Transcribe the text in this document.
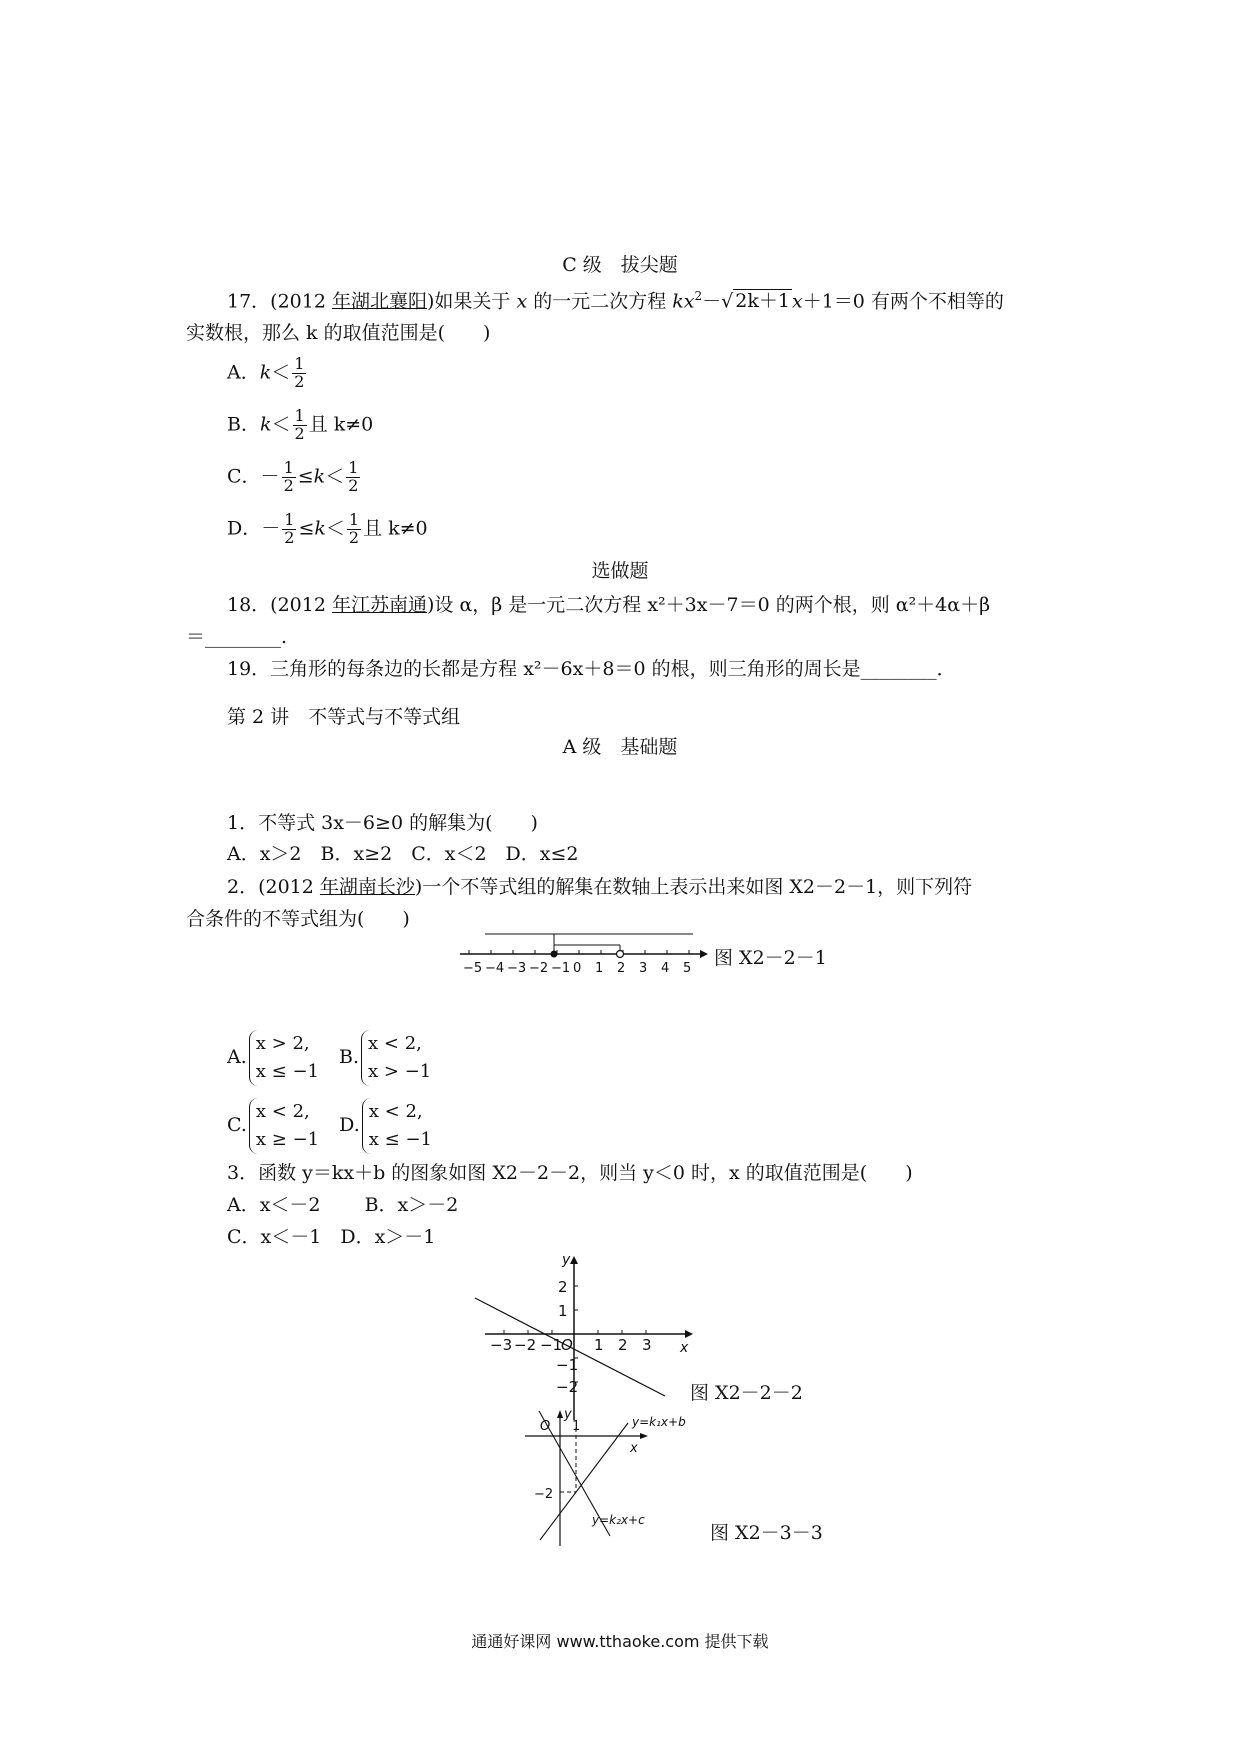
C 级　拔尖题
17．(2012 年湖北襄阳)如果关于 x 的一元二次方程 $kx^2-√$ 2k＋1 x＋1＝0 有两个不相等的
实数根，那么 k 的取值范围是(　　)
A．$k< \frac{1}{2}$
B．$k< \frac{1}{2}$ 且 k≠0
C．－ $\frac{1}{2} \le k< \frac{1}{2}$
D．－ $\frac{1}{2} \le k< \frac{1}{2}$ 且 k≠0
选做题
18．(2012 年江苏南通)设 α，β 是一元二次方程 x²＋3x－7＝0 的两个根，则 α²＋4α＋β
＝________.
19．三角形的每条边的长都是方程 x²－6x＋8＝0 的根，则三角形的周长是________．
第 2 讲　不等式与不等式组
A 级　基础题
1．不等式 3x－6≥0 的解集为(　　)
A．x＞2　B．x≥2　C．x＜2　D．x≤2
2．(2012 年湖南长沙)一个不等式组的解集在数轴上表示出来如图 X2－2－1，则下列符
合条件的不等式组为(　　)
−5 −4 −3 −2 −1 0 1 2 3 4 5 图 X2－2－1
A.
x > 2,
x ≤ −1
B.
x < 2,
x > −1
C.
x < 2,
x ≥ −1
D.
x < 2,
x ≤ −1
3．函数 y＝kx＋b 的图象如图 X2－2－2，则当 y＜0 时，x 的取值范围是(　　)
A．x＜－2　　 B．x＞－2
C．x＜－1　D．x＞－1
y
x
O
−3 −2 −1 1 2 3
2
1
−1
−2	图 X2－2－2
y
x
O 1
−2
y=k₁x+b
y=k₂x+c
图 X2－3－3
通通好课网 www.tthaoke.com 提供下载
